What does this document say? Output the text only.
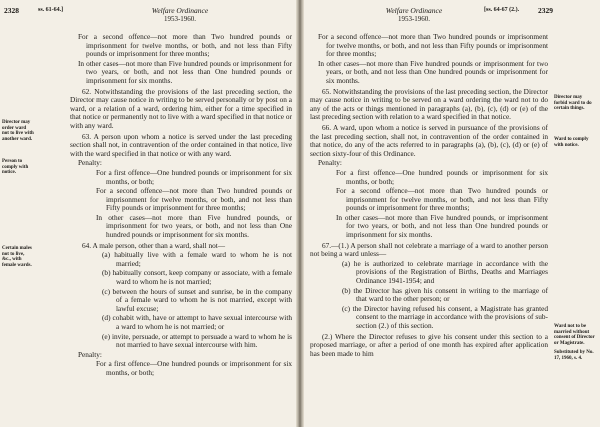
2328	ss. 61-64.]	Welfare Ordinance
1953-1960.
Director may order ward not to live with another ward.
Person to comply with notice.
Certain males not to live, &c., with female wards.

For a second offence—not more than Two hundred pounds or imprisonment for twelve months, or both, and not less than Fifty pounds or imprisonment for three months;

In other cases—not more than Five hundred pounds or imprisonment for two years, or both, and not less than One hundred pounds or imprisonment for six months.

62. Notwithstanding the provisions of the last preceding section, the Director may cause notice in writing to be served personally or by post on a ward, or a relation of a ward, ordering him, either for a time specified in that notice or permanently not to live with a ward specified in that notice or with any ward.

63. A person upon whom a notice is served under the last preceding section shall not, in contravention of the order contained in that notice, live with the ward specified in that notice or with any ward.

Penalty:

For a first offence—One hundred pounds or imprisonment for six months, or both;

For a second offence—not more than Two hundred pounds or imprisonment for twelve months, or both, and not less than Fifty pounds or imprisonment for three months;

In other cases—not more than Five hundred pounds, or imprisonment for two years, or both, and not less than One hundred pounds or imprisonment for six months.

64. A male person, other than a ward, shall not—

(a) habitually live with a female ward to whom he is not married;

(b) habitually consort, keep company or associate, with a female ward to whom he is not married;

(c) between the hours of sunset and sunrise, be in the company of a female ward to whom he is not married, except with lawful excuse;

(d) cohabit with, have or attempt to have sexual intercourse with a ward to whom he is not married; or

(e) invite, persuade, or attempt to persuade a ward to whom he is not married to have sexual intercourse with him.

Penalty:

For a first offence—One hundred pounds or imprisonment for six months, or both;

Welfare Ordinance
1953-1960.
[ss. 64-67 (2.).	2329
Director may forbid ward to do certain things.
Ward to comply with notice.
Ward not to be married without consent of Director or Magistrate.
Substituted by No. 17, 1960, s. 4.

For a second offence—not more than Two hundred pounds or imprisonment for twelve months, or both, and not less than Fifty pounds or imprisonment for three months;

In other cases—not more than Five hundred pounds or imprisonment for two years, or both, and not less than One hundred pounds or imprisonment for six months.

65. Notwithstanding the provisions of the last preceding section, the Director may cause notice in writing to be served on a ward ordering the ward not to do any of the acts or things mentioned in paragraphs (a), (b), (c), (d) or (e) of the last preceding section with relation to a ward specified in that notice.

66. A ward, upon whom a notice is served in pursuance of the provisions of the last preceding section, shall not, in contravention of the order contained in that notice, do any of the acts referred to in paragraphs (a), (b), (c), (d) or (e) of section sixty-four of this Ordinance.

Penalty:

For a first offence—One hundred pounds or imprisonment for six months, or both;

For a second offence—not more than Two hundred pounds or imprisonment for twelve months, or both, and not less than Fifty pounds or imprisonment for three months;

In other cases—not more than Five hundred pounds, or imprisonment for two years, or both, and not less than One hundred pounds or imprisonment for six months.

67.—(1.) A person shall not celebrate a marriage of a ward to another person not being a ward unless—

(a) he is authorized to celebrate marriage in accordance with the provisions of the Registration of Births, Deaths and Marriages Ordinance 1941-1954; and

(b) the Director has given his consent in writing to the marriage of that ward to the other person; or

(c) the Director having refused his consent, a Magistrate has granted consent to the marriage in accordance with the provisions of sub-section (2.) of this section.

(2.) Where the Director refuses to give his consent under this section to a proposed marriage, or after a period of one month has expired after application has been made to him
